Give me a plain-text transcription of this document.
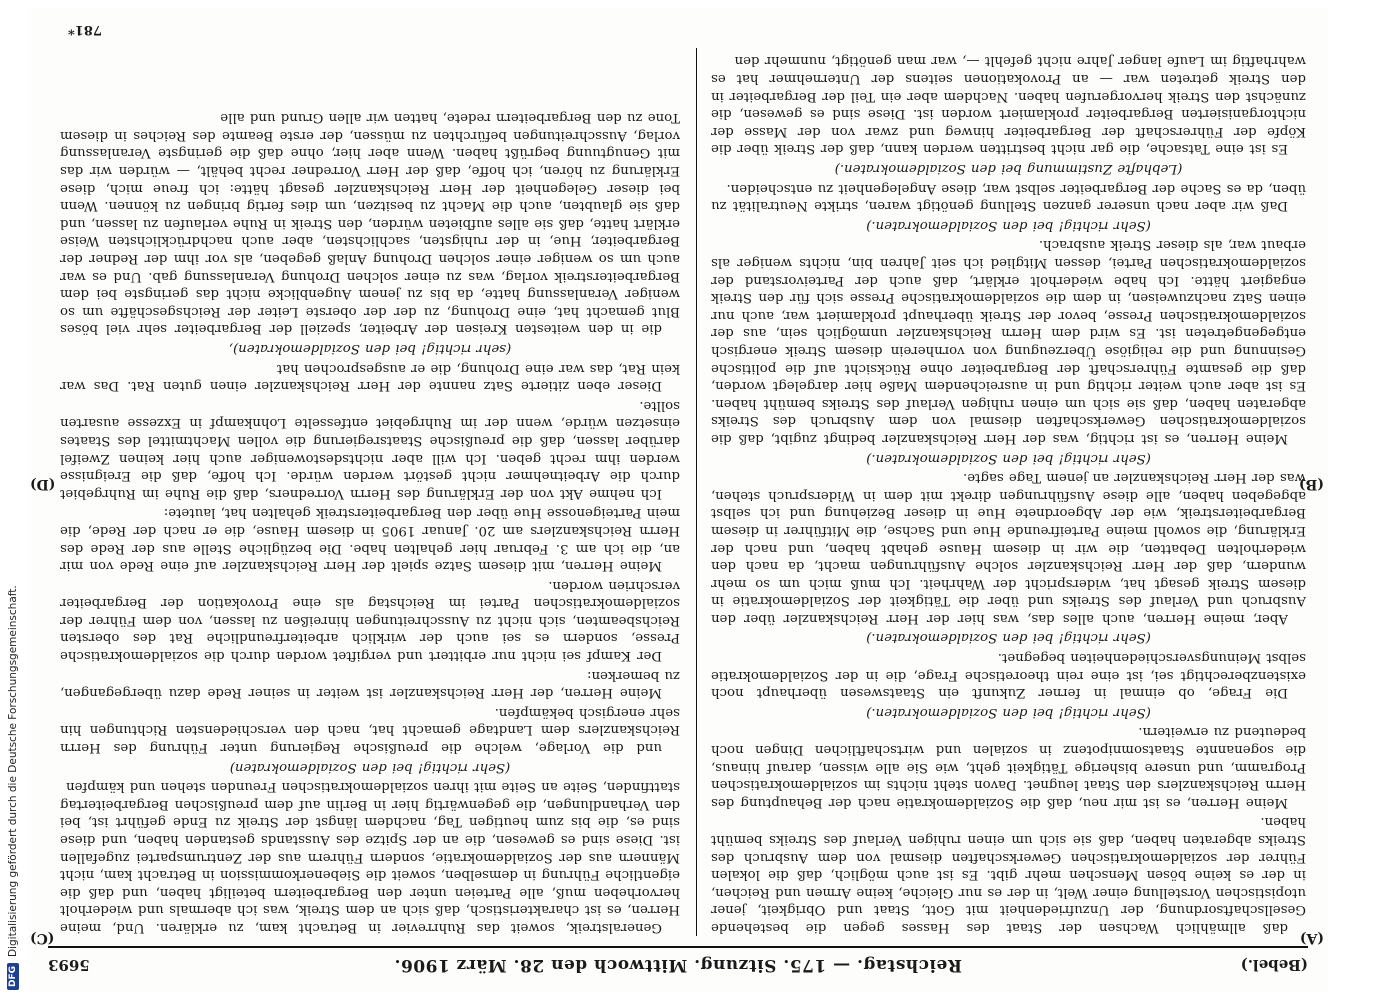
(Bebel.)
Reichstag. — 175. Sitzung. Mittwoch den 28. März 1906.
5693
(A)
(B)
(C)
(D)

daß allmählich Wachsen der Staat des Hasses gegen die bestehende Gesellschaftsordnung, der Unzufriedenheit mit Gott, Staat und Obrigkeit, jener utopistischen Vorstellung einer Welt, in der es nur Gleiche, keine Armen und Reichen, in der es keine bösen Menschen mehr gibt. Es ist auch möglich, daß die lokalen Führer der sozialdemokratischen Gewerkschaften diesmal von dem Ausbruch des Streiks abgeraten haben, daß sie sich um einen ruhigen Verlauf des Streiks bemüht haben.

Meine Herren, es ist mir neu, daß die Sozialdemokratie nach der Behauptung des Herrn Reichskanzlers den Staat leugnet. Davon steht nichts im sozialdemokratischen Programm, und unsere bisherige Tätigkeit geht, wie Sie alle wissen, darauf hinaus, die sogenannte Staatsomnipotenz in sozialen und wirtschaftlichen Dingen noch bedeutend zu erweitern.

(Sehr richtig! bei den Sozialdemokraten.)

Die Frage, ob einmal in ferner Zukunft ein Staatswesen überhaupt noch existenzberechtigt sei, ist eine rein theoretische Frage, die in der Sozialdemokratie selbst Meinungsverschiedenheiten begegnet.

(Sehr richtig! bei den Sozialdemokraten.)

Aber, meine Herren, auch alles das, was hier der Herr Reichskanzler über den Ausbruch und Verlauf des Streiks und über die Tätigkeit der Sozialdemokratie in diesem Streik gesagt hat, widerspricht der Wahrheit. Ich muß mich um so mehr wundern, daß der Herr Reichskanzler solche Ausführungen macht, da nach den wiederholten Debatten, die wir in diesem Hause gehabt haben, und nach der Erklärung, die sowohl meine Parteifreunde Hue und Sachse, die Mitführer in diesem Bergarbeiterstreik, wie der Abgeordnete Hue in dieser Beziehung und ich selbst abgegeben haben, alle diese Ausführungen direkt mit dem in Widerspruch stehen, was der Herr Reichskanzler an jenem Tage sagte.

(Sehr richtig! bei den Sozialdemokraten.)

Meine Herren, es ist richtig, was der Herr Reichskanzler bedingt zugibt, daß die sozialdemokratischen Gewerkschaften diesmal von dem Ausbruch des Streiks abgeraten haben, daß sie sich um einen ruhigen Verlauf des Streiks bemüht haben. Es ist aber auch weiter richtig und in ausreichendem Maße hier dargelegt worden, daß die gesamte Führerschaft der Bergarbeiter ohne Rücksicht auf die politische Gesinnung und die religiöse Überzeugung von vornherein diesem Streik energisch entgegengetreten ist. Es wird dem Herrn Reichskanzler unmöglich sein, aus der sozialdemokratischen Presse, bevor der Streik überhaupt proklamiert war, auch nur einen Satz nachzuweisen, in dem die sozialdemokratische Presse sich für den Streik engagiert hätte. Ich habe wiederholt erklärt, daß auch der Parteivorstand der sozialdemokratischen Partei, dessen Mitglied ich seit Jahren bin, nichts weniger als erbaut war, als dieser Streik ausbrach.

(Sehr richtig! bei den Sozialdemokraten.)

Daß wir aber nach unserer ganzen Stellung genötigt waren, strikte Neutralität zu üben, da es Sache der Bergarbeiter selbst war, diese Angelegenheit zu entscheiden.

(Lebhafte Zustimmung bei den Sozialdemokraten.)

Es ist eine Tatsache, die gar nicht bestritten werden kann, daß der Streik über die Köpfe der Führerschaft der Bergarbeiter hinweg und zwar von der Masse der nichtorganisierten Bergarbeiter proklamiert worden ist. Diese sind es gewesen, die zunächst den Streik hervorgerufen haben. Nachdem aber ein Teil der Bergarbeiter in den Streik getreten war — an Provokationen seitens der Unternehmer hat es wahrhaftig im Laufe langer Jahre nicht gefehlt —, war man genötigt, nunmehr den

Generalstreik, soweit das Ruhrrevier in Betracht kam, zu erklären. Und, meine Herren, es ist charakteristisch, daß sich an dem Streik, was ich abermals und wiederholt hervorheben muß, alle Parteien unter den Bergarbeitern beteiligt haben, und daß die eigentliche Führung in demselben, soweit die Siebenerkommission in Betracht kam, nicht Männern aus der Sozialdemokratie, sondern Führern aus der Zentrumspartei zugefallen ist. Diese sind es gewesen, die an der Spitze des Ausstands gestanden haben, und diese sind es, die bis zum heutigen Tag, nachdem längst der Streik zu Ende geführt ist, bei den Verhandlungen, die gegenwärtig hier in Berlin auf dem preußischen Bergarbeitertag stattfinden, Seite an Seite mit ihren sozialdemokratischen Freunden stehen und kämpfen

(Sehr richtig! bei den Sozialdemokraten)

und die Vorlage, welche die preußische Regierung unter Führung des Herrn Reichskanzlers dem Landtage gemacht hat, nach den verschiedensten Richtungen hin sehr energisch bekämpfen.

Meine Herren, der Herr Reichskanzler ist weiter in seiner Rede dazu übergegangen, zu bemerken:

Der Kampf sei nicht nur erbittert und vergiftet worden durch die sozialdemokratische Presse, sondern es sei auch der wirklich arbeiterfreundliche Rat des obersten Reichsbeamten, sich nicht zu Ausschreitungen hinreißen zu lassen, von dem Führer der sozialdemokratischen Partei im Reichstag als eine Provokation der Bergarbeiter verschrien worden.

Meine Herren, mit diesem Satze spielt der Herr Reichskanzler auf eine Rede von mir an, die ich am 3. Februar hier gehalten habe. Die bezügliche Stelle aus der Rede des Herrn Reichskanzlers am 20. Januar 1905 in diesem Hause, die er nach der Rede, die mein Parteigenosse Hue über den Bergarbeiterstreik gehalten hat, lautete:

Ich nehme Akt von der Erklärung des Herrn Vorredners, daß die Ruhe im Ruhrgebiet durch die Arbeitnehmer nicht gestört werden würde. Ich hoffe, daß die Ereignisse werden ihm recht geben. Ich will aber nichtsdestoweniger auch hier keinen Zweifel darüber lassen, daß die preußische Staatsregierung die vollen Machtmittel des Staates einsetzen würde, wenn der im Ruhrgebiet entfesselte Lohnkampf in Exzesse ausarten sollte.

Dieser eben zitierte Satz nannte der Herr Reichskanzler einen guten Rat. Das war kein Rat, das war eine Drohung, die er ausgesprochen hat

(sehr richtig! bei den Sozialdemokraten),

die in den weitesten Kreisen der Arbeiter, speziell der Bergarbeiter sehr viel böses Blut gemacht hat, eine Drohung, zu der der oberste Leiter der Reichsgeschäfte um so weniger Veranlassung hatte, da bis zu jenem Augenblicke nicht das geringste bei dem Bergarbeiterstreik vorlag, was zu einer solchen Drohung Veranlassung gab. Und es war auch um so weniger einer solchen Drohung Anlaß gegeben, als vor ihm der Redner der Bergarbeiter, Hue, in der ruhigsten, sachlichsten, aber auch nachdrücklichsten Weise erklärt hatte, daß sie alles aufbieten würden, den Streik in Ruhe verlaufen zu lassen, und daß sie glaubten, auch die Macht zu besitzen, um dies fertig bringen zu können. Wenn bei dieser Gelegenheit der Herr Reichskanzler gesagt hätte: ich freue mich, diese Erklärung zu hören, ich hoffe, daß der Herr Vorredner recht behält, — würden wir das mit Genugtuung begrüßt haben. Wenn aber hier, ohne daß die geringste Veranlassung vorlag, Ausschreitungen befürchten zu müssen, der erste Beamte des Reiches in diesem Tone zu den Bergarbeitern redete, hatten wir allen Grund und alle

781*
DFG
Digitalisierung gefördert durch die Deutsche Forschungsgemeinschaft.
